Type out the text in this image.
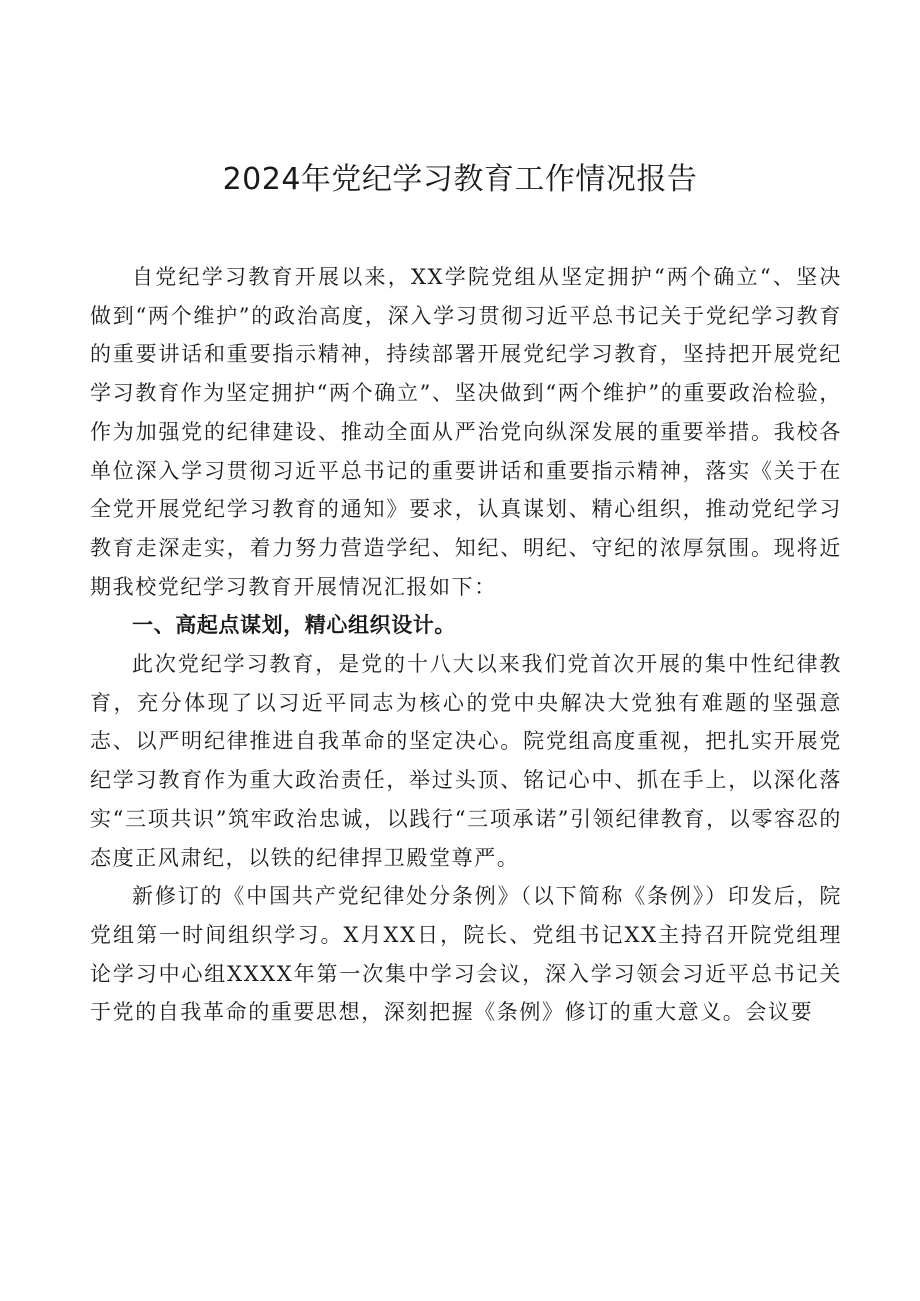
2024年党纪学习教育工作情况报告

自党纪学习教育开展以来，XX学院党组从坚定拥护“两个确立“、坚决做到“两个维护”的政治高度，深入学习贯彻习近平总书记关于党纪学习教育的重要讲话和重要指示精神，持续部署开展党纪学习教育，坚持把开展党纪学习教育作为坚定拥护“两个确立”、坚决做到“两个维护”的重要政治检验，作为加强党的纪律建设、推动全面从严治党向纵深发展的重要举措。我校各单位深入学习贯彻习近平总书记的重要讲话和重要指示精神，落实《关于在全党开展党纪学习教育的通知》要求，认真谋划、精心组织，推动党纪学习教育走深走实，着力努力营造学纪、知纪、明纪、守纪的浓厚氛围。现将近期我校党纪学习教育开展情况汇报如下：

一、高起点谋划，精心组织设计。

此次党纪学习教育，是党的十八大以来我们党首次开展的集中性纪律教育，充分体现了以习近平同志为核心的党中央解决大党独有难题的坚强意志、以严明纪律推进自我革命的坚定决心。院党组高度重视，把扎实开展党纪学习教育作为重大政治责任，举过头顶、铭记心中、抓在手上，以深化落实“三项共识”筑牢政治忠诚，以践行“三项承诺”引领纪律教育，以零容忍的态度正风肃纪，以铁的纪律捍卫殿堂尊严。

新修订的《中国共产党纪律处分条例》（以下简称《条例》）印发后，院党组第一时间组织学习。X月XX日，院长、党组书记XX主持召开院党组理论学习中心组XXXX年第一次集中学习会议，深入学习领会习近平总书记关于党的自我革命的重要思想，深刻把握《条例》修订的重大意义。会议要
